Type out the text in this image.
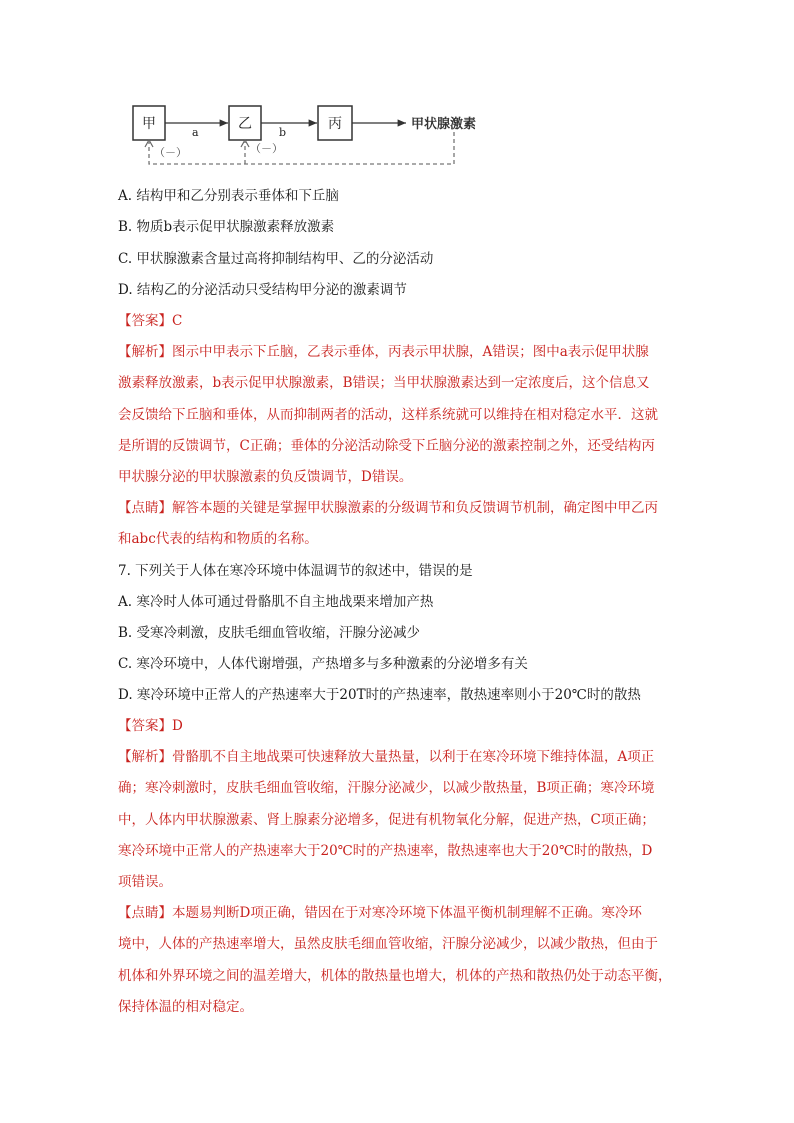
甲	乙	丙
a	b
甲状腺激素
（－）	（－）
A. 结构甲和乙分别表示垂体和下丘脑
B. 物质b表示促甲状腺激素释放激素
C. 甲状腺激素含量过高将抑制结构甲、乙的分泌活动
D. 结构乙的分泌活动只受结构甲分泌的激素调节
【答案】C
【解析】图示中甲表示下丘脑，乙表示垂体，丙表示甲状腺，A错误；图中a表示促甲状腺
激素释放激素，b表示促甲状腺激素，B错误；当甲状腺激素达到一定浓度后，这个信息又
会反馈给下丘脑和垂体，从而抑制两者的活动，这样系统就可以维持在相对稳定水平．这就
是所谓的反馈调节，C正确；垂体的分泌活动除受下丘脑分泌的激素控制之外，还受结构丙
甲状腺分泌的甲状腺激素的负反馈调节，D错误。
【点睛】解答本题的关键是掌握甲状腺激素的分级调节和负反馈调节机制，确定图中甲乙丙
和abc代表的结构和物质的名称。
7. 下列关于人体在寒冷环境中体温调节的叙述中，错误的是
A. 寒冷时人体可通过骨骼肌不自主地战栗来增加产热
B. 受寒冷刺激，皮肤毛细血管收缩，汗腺分泌减少
C. 寒冷环境中，人体代谢增强，产热增多与多种激素的分泌增多有关
D. 寒冷环境中正常人的产热速率大于20T时的产热速率，散热速率则小于20℃时的散热
【答案】D
【解析】骨骼肌不自主地战栗可快速释放大量热量，以利于在寒冷环境下维持体温，A项正
确；寒冷刺激时，皮肤毛细血管收缩，汗腺分泌减少，以减少散热量，B项正确；寒冷环境
中，人体内甲状腺激素、肾上腺素分泌增多，促进有机物氧化分解，促进产热，C项正确；
寒冷环境中正常人的产热速率大于20℃时的产热速率，散热速率也大于20℃时的散热，D
项错误。
【点睛】本题易判断D项正确，错因在于对寒冷环境下体温平衡机制理解不正确。寒冷环
境中，人体的产热速率增大，虽然皮肤毛细血管收缩，汗腺分泌减少，以减少散热，但由于
机体和外界环境之间的温差增大，机体的散热量也增大，机体的产热和散热仍处于动态平衡，
保持体温的相对稳定。
